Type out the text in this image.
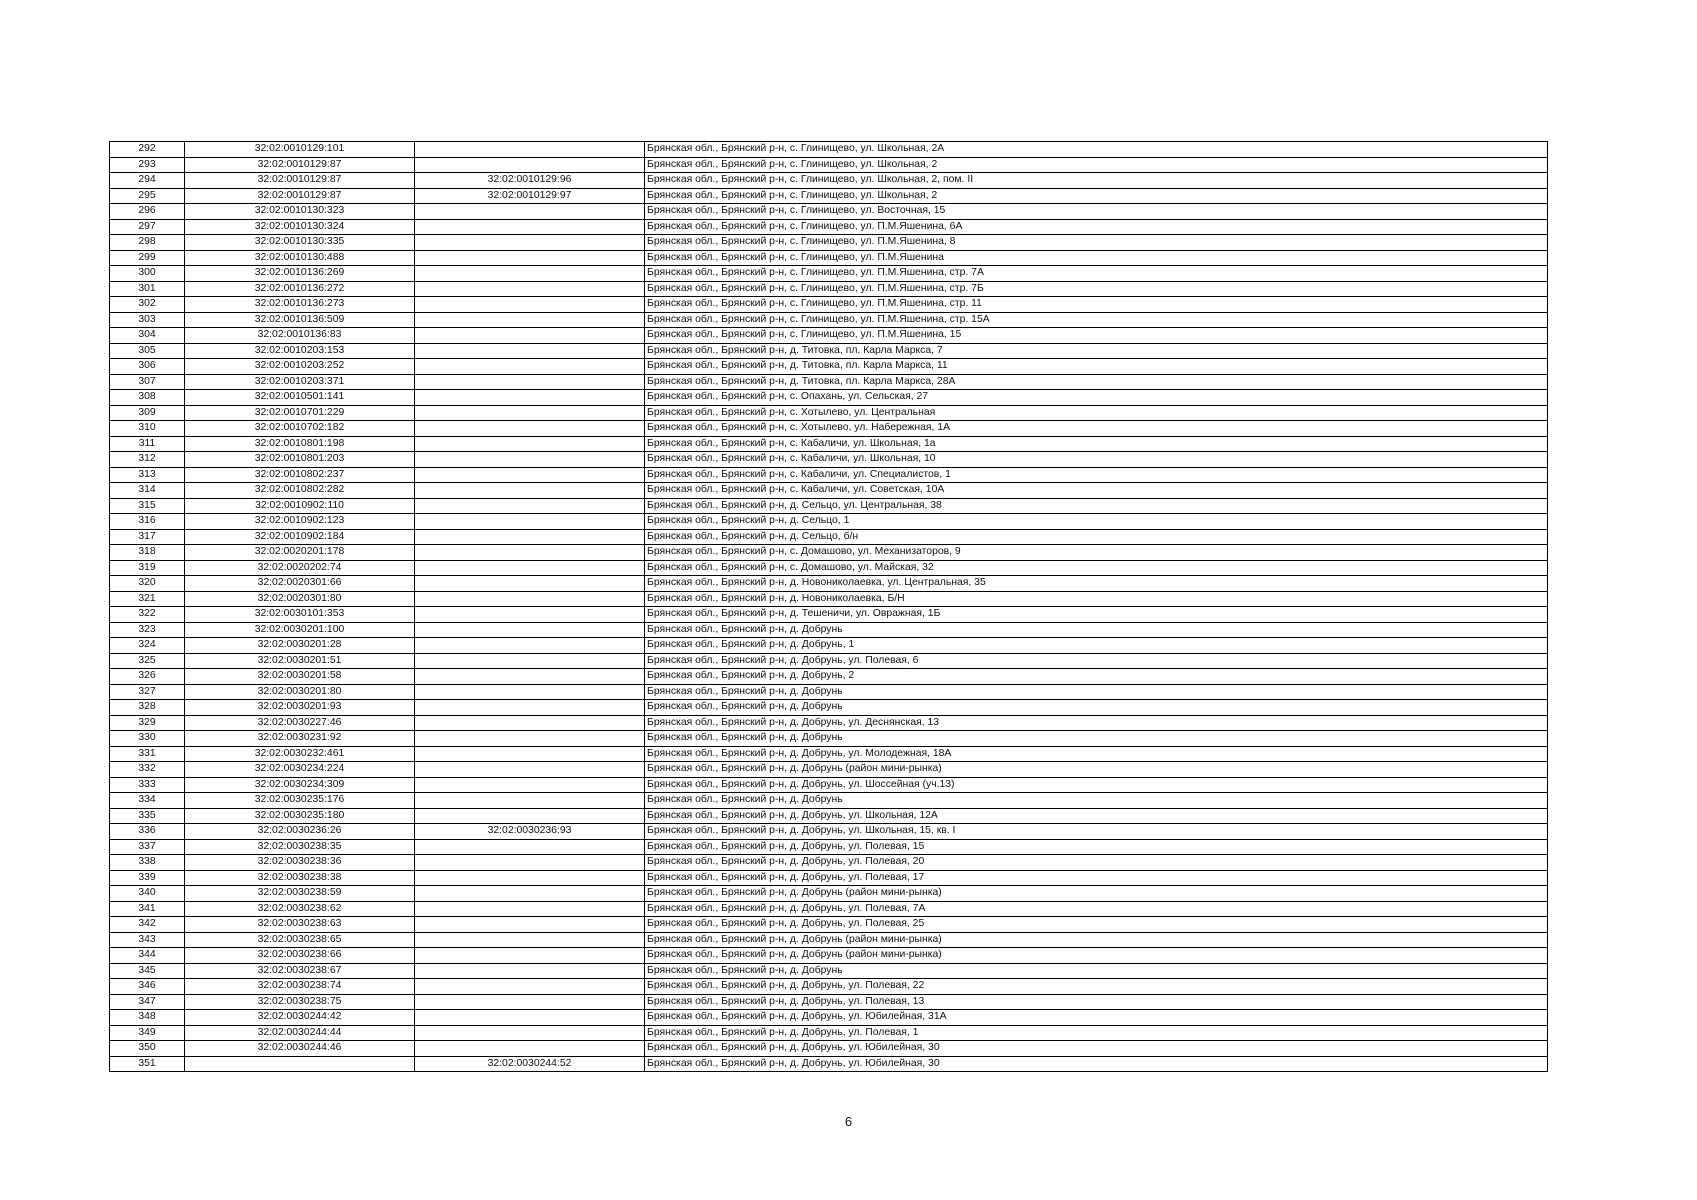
292	32:02:0010129:101		Брянская обл., Брянский р-н, с. Глинищево, ул. Школьная, 2А
293	32:02:0010129:87		Брянская обл., Брянский р-н, с. Глинищево, ул. Школьная, 2
294	32:02:0010129:87	32:02:0010129:96	Брянская обл., Брянский р-н, с. Глинищево, ул. Школьная, 2, пом. II
295	32:02:0010129:87	32:02:0010129:97	Брянская обл., Брянский р-н, с. Глинищево, ул. Школьная, 2
296	32:02:0010130:323		Брянская обл., Брянский р-н, с. Глинищево, ул. Восточная, 15
297	32:02:0010130:324		Брянская обл., Брянский р-н, с. Глинищево, ул. П.М.Яшенина, 6А
298	32:02:0010130:335		Брянская обл., Брянский р-н, с. Глинищево, ул. П.М.Яшенина, 8
299	32:02:0010130:488		Брянская обл., Брянский р-н, с. Глинищево, ул. П.М.Яшенина
300	32:02:0010136:269		Брянская обл., Брянский р-н, с. Глинищево, ул. П.М.Яшенина, стр. 7А
301	32:02:0010136:272		Брянская обл., Брянский р-н, с. Глинищево, ул. П.М.Яшенина, стр. 7Б
302	32:02:0010136:273		Брянская обл., Брянский р-н, с. Глинищево, ул. П.М.Яшенина, стр. 11
303	32:02:0010136:509		Брянская обл., Брянский р-н, с. Глинищево, ул. П.М.Яшенина, стр. 15А
304	32:02:0010136:83		Брянская обл., Брянский р-н, с. Глинищево, ул. П.М.Яшенина, 15
305	32:02:0010203:153		Брянская обл., Брянский р-н, д. Титовка, пл. Карла Маркса, 7
306	32:02:0010203:252		Брянская обл., Брянский р-н, д. Титовка, пл. Карла Маркса, 11
307	32:02:0010203:371		Брянская обл., Брянский р-н, д. Титовка, пл. Карла Маркса, 28А
308	32:02:0010501:141		Брянская обл., Брянский р-н, с. Опахань, ул. Сельская, 27
309	32:02:0010701:229		Брянская обл., Брянский р-н, с. Хотылево, ул. Центральная
310	32:02:0010702:182		Брянская обл., Брянский р-н, с. Хотылево, ул. Набережная, 1А
311	32:02:0010801:198		Брянская обл., Брянский р-н, с. Кабаличи, ул. Школьная, 1а
312	32:02:0010801:203		Брянская обл., Брянский р-н, с. Кабаличи, ул. Школьная, 10
313	32:02:0010802:237		Брянская обл., Брянский р-н, с. Кабаличи, ул. Специалистов, 1
314	32:02:0010802:282		Брянская обл., Брянский р-н, с. Кабаличи, ул. Советская, 10А
315	32:02:0010902:110		Брянская обл., Брянский р-н, д. Сельцо, ул. Центральная, 38
316	32:02:0010902:123		Брянская обл., Брянский р-н, д. Сельцо, 1
317	32:02:0010902:184		Брянская обл., Брянский р-н, д. Сельцо, б/н
318	32:02:0020201:178		Брянская обл., Брянский р-н, с. Домашово, ул. Механизаторов, 9
319	32:02:0020202:74		Брянская обл., Брянский р-н, с. Домашово, ул. Майская, 32
320	32:02:0020301:66		Брянская обл., Брянский р-н, д. Новониколаевка, ул. Центральная, 35
321	32:02:0020301:80		Брянская обл., Брянский р-н, д. Новониколаевка, Б/Н
322	32:02:0030101:353		Брянская обл., Брянский р-н, д. Тешеничи, ул. Овражная, 1Б
323	32:02:0030201:100		Брянская обл., Брянский р-н, д. Добрунь
324	32:02:0030201:28		Брянская обл., Брянский р-н, д. Добрунь, 1
325	32:02:0030201:51		Брянская обл., Брянский р-н, д. Добрунь, ул. Полевая, 6
326	32:02:0030201:58		Брянская обл., Брянский р-н, д. Добрунь, 2
327	32:02:0030201:80		Брянская обл., Брянский р-н, д. Добрунь
328	32:02:0030201:93		Брянская обл., Брянский р-н, д. Добрунь
329	32:02:0030227:46		Брянская обл., Брянский р-н, д. Добрунь, ул. Деснянская, 13
330	32:02:0030231:92		Брянская обл., Брянский р-н, д. Добрунь
331	32:02:0030232:461		Брянская обл., Брянский р-н, д. Добрунь, ул. Молодежная, 18А
332	32:02:0030234:224		Брянская обл., Брянский р-н, д. Добрунь (район мини-рынка)
333	32:02:0030234:309		Брянская обл., Брянский р-н, д. Добрунь, ул. Шоссейная (уч.13)
334	32:02:0030235:176		Брянская обл., Брянский р-н, д. Добрунь
335	32:02:0030235:180		Брянская обл., Брянский р-н, д. Добрунь, ул. Школьная, 12А
336	32:02:0030236:26	32:02:0030236:93	Брянская обл., Брянский р-н, д. Добрунь, ул. Школьная, 15, кв. I
337	32:02:0030238:35		Брянская обл., Брянский р-н, д. Добрунь, ул. Полевая, 15
338	32:02:0030238:36		Брянская обл., Брянский р-н, д. Добрунь, ул. Полевая, 20
339	32:02:0030238:38		Брянская обл., Брянский р-н, д. Добрунь, ул. Полевая, 17
340	32:02:0030238:59		Брянская обл., Брянский р-н, д. Добрунь (район мини-рынка)
341	32:02:0030238:62		Брянская обл., Брянский р-н, д. Добрунь, ул. Полевая, 7А
342	32:02:0030238:63		Брянская обл., Брянский р-н, д. Добрунь, ул. Полевая, 25
343	32:02:0030238:65		Брянская обл., Брянский р-н, д. Добрунь (район мини-рынка)
344	32:02:0030238:66		Брянская обл., Брянский р-н, д. Добрунь (район мини-рынка)
345	32:02:0030238:67		Брянская обл., Брянский р-н, д. Добрунь
346	32:02:0030238:74		Брянская обл., Брянский р-н, д. Добрунь, ул. Полевая, 22
347	32:02:0030238:75		Брянская обл., Брянский р-н, д. Добрунь, ул. Полевая, 13
348	32:02:0030244:42		Брянская обл., Брянский р-н, д. Добрунь, ул. Юбилейная, 31А
349	32:02:0030244:44		Брянская обл., Брянский р-н, д. Добрунь, ул. Полевая, 1
350	32:02:0030244:46		Брянская обл., Брянский р-н, д. Добрунь, ул. Юбилейная, 30
351		32:02:0030244:52	Брянская обл., Брянский р-н, д. Добрунь, ул. Юбилейная, 30
6
